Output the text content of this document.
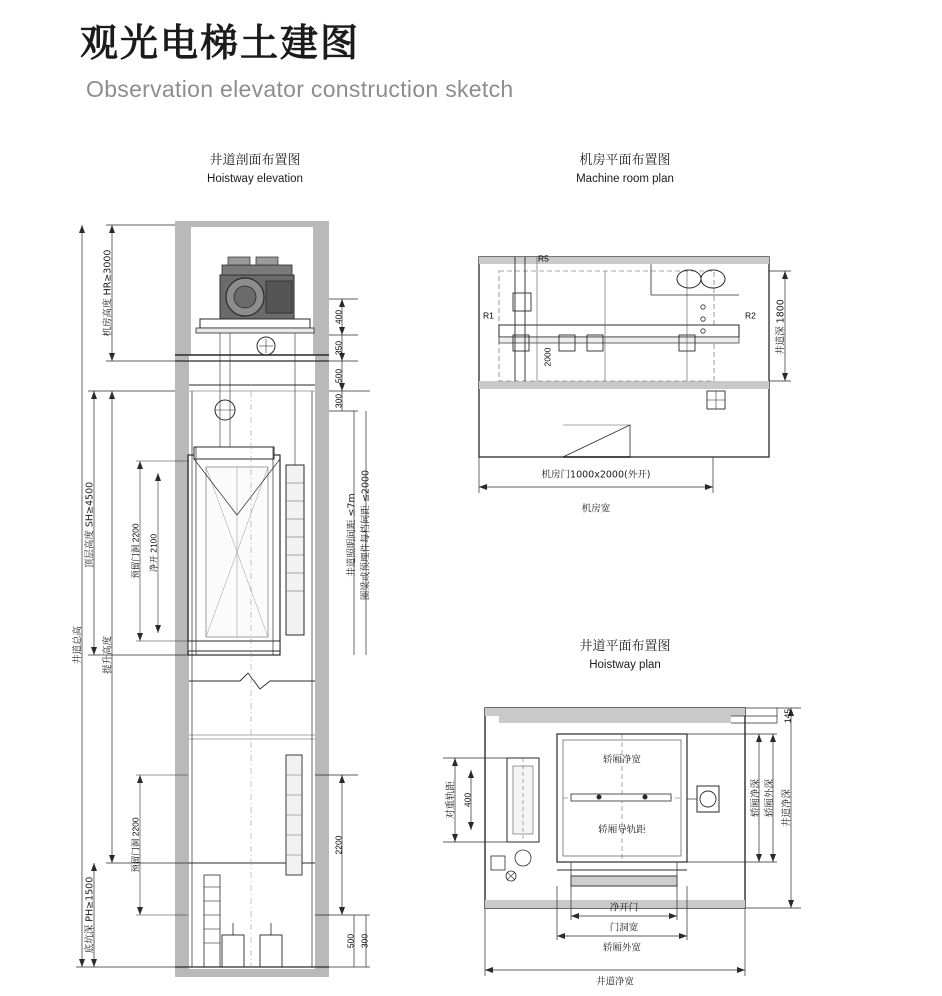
观光电梯土建图
Observation elevator construction sketch
井道剖面布置图
Hoistway elevation
机房平面布置图
Machine room plan
井道平面布置图
Hoistway plan
机房高度 HR≥3000
顶层高度 SH≥4500
井道总高 提升高度
底坑深 PH≥1500
预留门洞 2200 净开 2100
预留门洞 2200
400
350
500
300
井道照明间距 ≤7m 圈梁或预埋件每档间距 ≤2000
2200
500 300
R5
R1	R2
2000
井道深 1800
机房宽
机房门1000x2000(外开)
对重轨距 400	轿厢净深 轿厢外深 井道净深
145
轿厢净宽
轿厢导轨距
净开门
门洞宽
轿厢外宽
井道净宽
